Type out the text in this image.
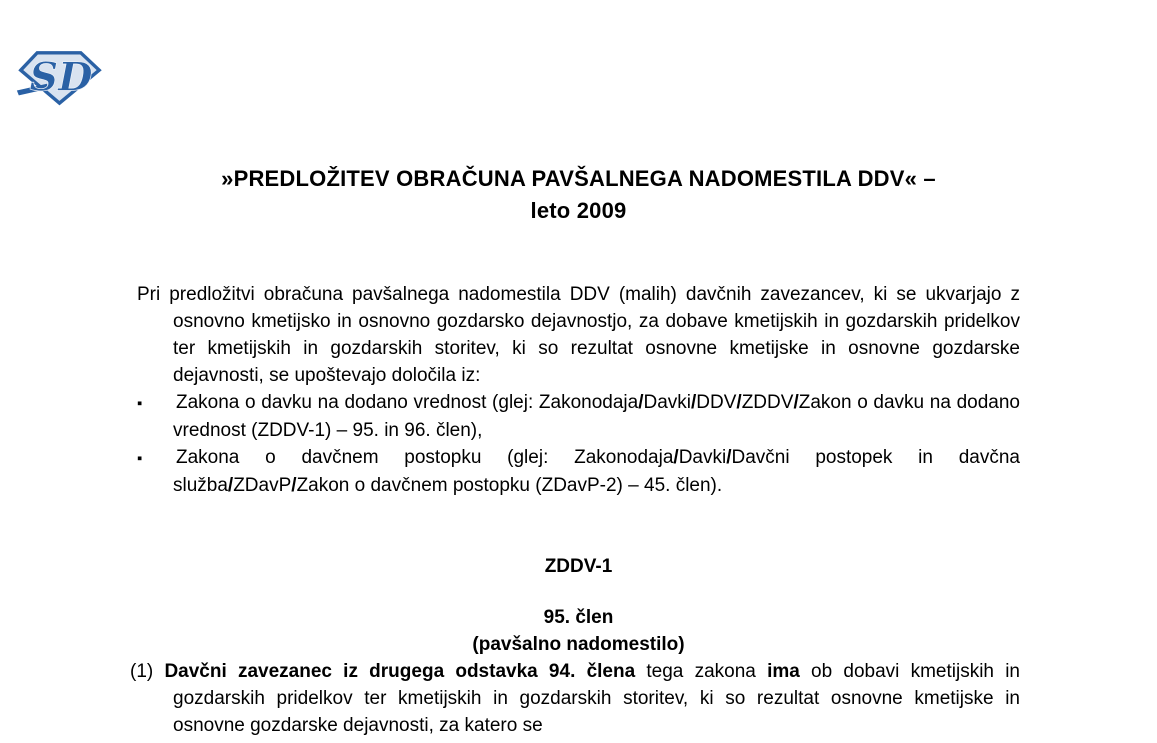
SD
»PREDLOŽITEV OBRAČUNA PAVŠALNEGA NADOMESTILA DDV« –
leto 2009

Pri predložitvi obračuna pavšalnega nadomestila DDV (malih) davčnih zavezancev, ki se ukvarjajo z osnovno kmetijsko in osnovno gozdarsko dejavnostjo, za dobave kmetijskih in gozdarskih pridelkov ter kmetijskih in gozdarskih storitev, ki so rezultat osnovne kmetijske in osnovne gozdarske dejavnosti, se upoštevajo določila iz:

▪ Zakona o davku na dodano vrednost (glej: Zakonodaja/Davki/DDV/ZDDV/Zakon o davku na dodano vrednost (ZDDV-1) – 95. in 96. člen),
▪ Zakona o davčnem postopku (glej: Zakonodaja/Davki/Davčni postopek in davčna služba/ZDavP/Zakon o davčnem postopku (ZDavP-2) – 45. člen).
ZDDV-1
95. člen
(pavšalno nadomestilo)

(1) Davčni zavezanec iz drugega odstavka 94. člena tega zakona ima ob dobavi kmetijskih in gozdarskih pridelkov ter kmetijskih in gozdarskih storitev, ki so rezultat osnovne kmetijske in osnovne gozdarske dejavnosti, za katero se
